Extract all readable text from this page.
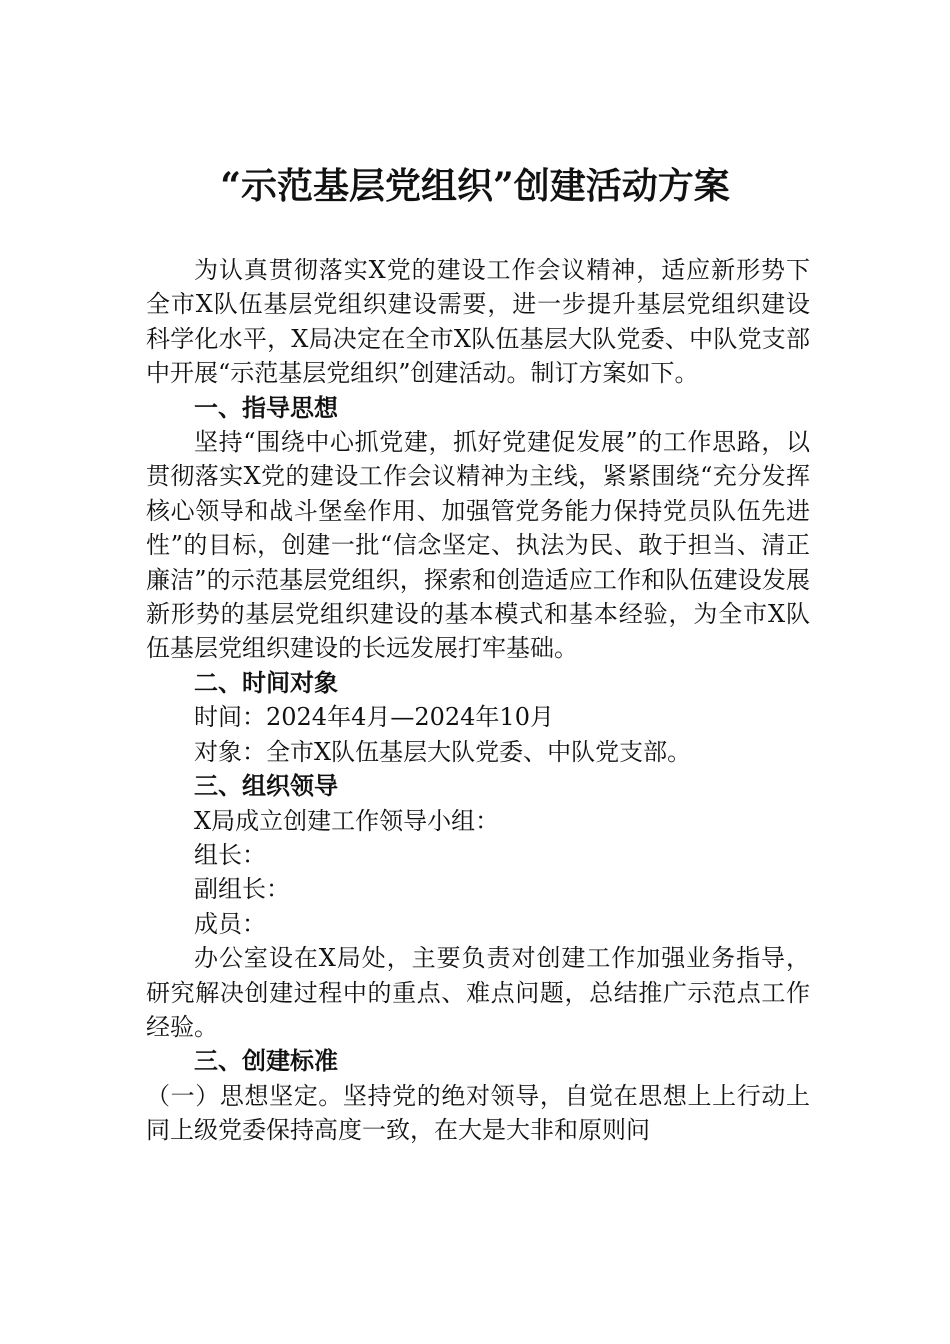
“示范基层党组织”创建活动方案

为认真贯彻落实X党的建设工作会议精神，适应新形势下全市X队伍基层党组织建设需要，进一步提升基层党组织建设科学化水平，X局决定在全市X队伍基层大队党委、中队党支部中开展“示范基层党组织”创建活动。制订方案如下。

一、指导思想

坚持“围绕中心抓党建，抓好党建促发展”的工作思路，以贯彻落实X党的建设工作会议精神为主线，紧紧围绕“充分发挥核心领导和战斗堡垒作用、加强管党务能力保持党员队伍先进性”的目标，创建一批“信念坚定、执法为民、敢于担当、清正廉洁”的示范基层党组织，探索和创造适应工作和队伍建设发展新形势的基层党组织建设的基本模式和基本经验，为全市X队伍基层党组织建设的长远发展打牢基础。

二、时间对象

时间：2024年4月—2024年10月

对象：全市X队伍基层大队党委、中队党支部。

三、组织领导

X局成立创建工作领导小组：

组长：

副组长：

成员：

办公室设在X局处，主要负责对创建工作加强业务指导，研究解决创建过程中的重点、难点问题，总结推广示范点工作经验。

三、创建标准

（一）思想坚定。坚持党的绝对领导，自觉在思想上上行动上同上级党委保持高度一致，在大是大非和原则问
